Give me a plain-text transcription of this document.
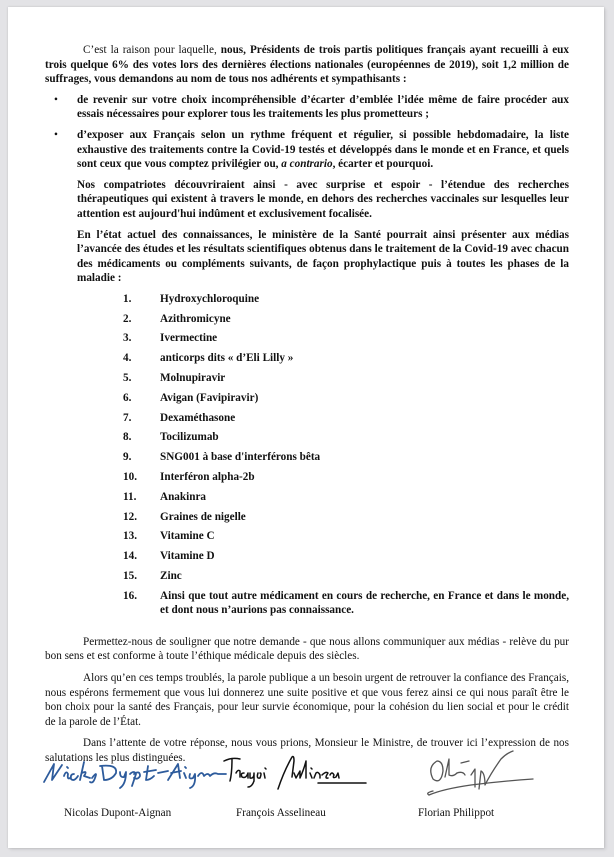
C’est la raison pour laquelle, nous, Présidents de trois partis politiques français ayant recueilli à eux trois quelque 6% des votes lors des dernières élections nationales (européennes de 2019), soit 1,2 million de suffrages, vous demandons au nom de tous nos adhérents et sympathisants :

• de revenir sur votre choix incompréhensible d’écarter d’emblée l’idée même de faire procéder aux essais nécessaires pour explorer tous les traitements les plus prometteurs ;
• d’exposer aux Français selon un rythme fréquent et régulier, si possible hebdomadaire, la liste exhaustive des traitements contre la Covid-19 testés et développés dans le monde et en France, et quels sont ceux que vous comptez privilégier ou, a contrario, écarter et pourquoi.

Nos compatriotes découvriraient ainsi - avec surprise et espoir - l’étendue des recherches thérapeutiques qui existent à travers le monde, en dehors des recherches vaccinales sur lesquelles leur attention est aujourd'hui indûment et exclusivement focalisée.

En l’état actuel des connaissances, le ministère de la Santé pourrait ainsi présenter aux médias l’avancée des études et les résultats scientifiques obtenus dans le traitement de la Covid-19 avec chacun des médicaments ou compléments suivants, de façon prophylactique puis à toutes les phases de la maladie :

1.	Hydroxychloroquine
2.	Azithromicyne
3.	Ivermectine
4.	anticorps dits « d’Eli Lilly »
5.	Molnupiravir
6.	Avigan (Favipiravir)
7.	Dexaméthasone
8.	Tocilizumab
9.	SNG001 à base d'interférons bêta
10. Interféron alpha-2b
11. Anakinra
12. Graines de nigelle
13. Vitamine C
14. Vitamine D
15. Zinc
16. Ainsi que tout autre médicament en cours de recherche, en France et dans le monde, et dont nous n’aurions pas connaissance.

Permettez-nous de souligner que notre demande - que nous allons communiquer aux médias - relève du pur bon sens et est conforme à toute l’éthique médicale depuis des siècles.

Alors qu’en ces temps troublés, la parole publique a un besoin urgent de retrouver la confiance des Français, nous espérons fermement que vous lui donnerez une suite positive et que vous ferez ainsi ce qui nous paraît être le bon choix pour la santé des Français, pour leur survie économique, pour la cohésion du lien social et pour le crédit de la parole de l’État.

Dans l’attente de votre réponse, nous vous prions, Monsieur le Ministre, de trouver ici l’expression de nos salutations les plus distinguées.

Nicolas Dupont-Aignan	François Asselineau	Florian Philippot
